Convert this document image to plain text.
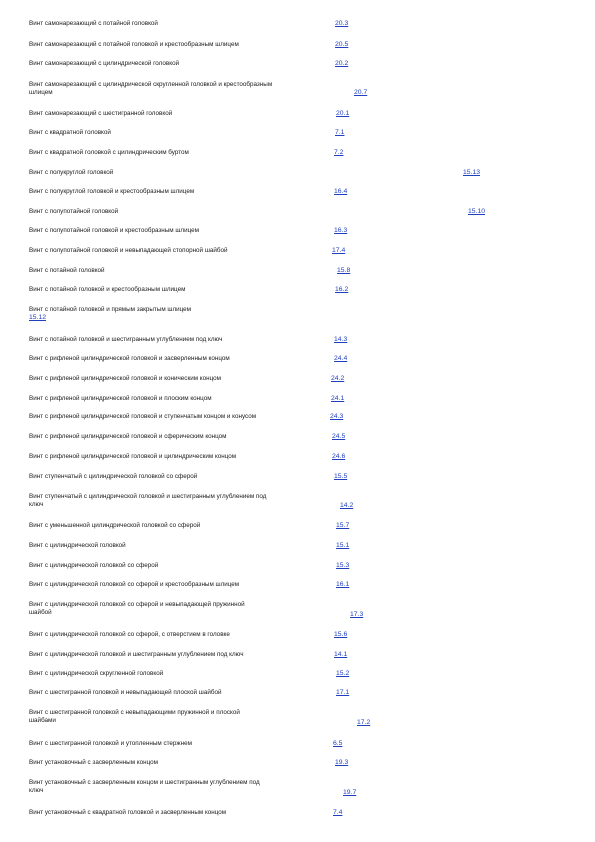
Винт самонарезающий с потайной головкой	20.3
Винт самонарезающий с потайной головкой и крестообразным шлицем	20.5
Винт самонарезающий с цилиндрической головкой	20.2
Винт самонарезающий с цилиндрической скругленной головкой и крестообразным
шлицем	20.7
Винт самонарезающий с шестигранной головкой	20.1
Винт с квадратной головкой	7.1
Винт с квадратной головкой с цилиндрическим буртом	7.2
Винт с полукруглой головкой	15.13
Винт с полукруглой головкой и крестообразным шлицем	16.4
Винт с полупотайной головкой	15.10
Винт с полупотайной головкой и крестообразным шлицем	16.3
Винт с полупотайной головкой и невыпадающей стопорной шайбой	17.4
Винт с потайной головкой	15.8
Винт с потайной головкой и крестообразным шлицем	16.2
Винт с потайной головкой и прямым закрытым шлицем
15.12
Винт с потайной головкой и шестигранным углублением под ключ	14.3
Винт с рифленой цилиндрической головкой и засверленным концом	24.4
Винт с рифленой цилиндрической головкой и коническим концом	24.2
Винт с рифленой цилиндрической головкой и плоским концом	24.1
Винт с рифленой цилиндрической головкой и ступенчатым концом и конусом	24.3
Винт с рифленой цилиндрической головкой и сферическим концом	24.5
Винт с рифленой цилиндрической головкой и цилиндрическим концом	24.6
Винт ступенчатый с цилиндрической головкой со сферой	15.5
Винт ступенчатый с цилиндрической головкой и шестигранным углублением под
ключ	14.2
Винт с уменьшенной цилиндрической головкой со сферой	15.7
Винт с цилиндрической головкой	15.1
Винт с цилиндрической головкой со сферой	15.3
Винт с цилиндрической головкой со сферой и крестообразным шлицем	16.1
Винт с цилиндрической головкой со сферой и невыпадающей пружинной
шайбой	17.3
Винт с цилиндрической головкой со сферой, с отверстием в головке	15.6
Винт с цилиндрической головкой и шестигранным углублением под ключ	14.1
Винт с цилиндрической скругленной головкой	15.2
Винт с шестигранной головкой и невыпадающей плоской шайбой	17.1
Винт с шестигранной головкой с невыпадающими пружинной и плоской
шайбами	17.2
Винт с шестигранной головкой и утопленным стержнем	6.5
Винт установочный с засверленным концом	19.3
Винт установочный с засверленным концом и шестигранным углублением под
ключ	19.7
Винт установочный с квадратной головкой и засверленным концом	7.4
